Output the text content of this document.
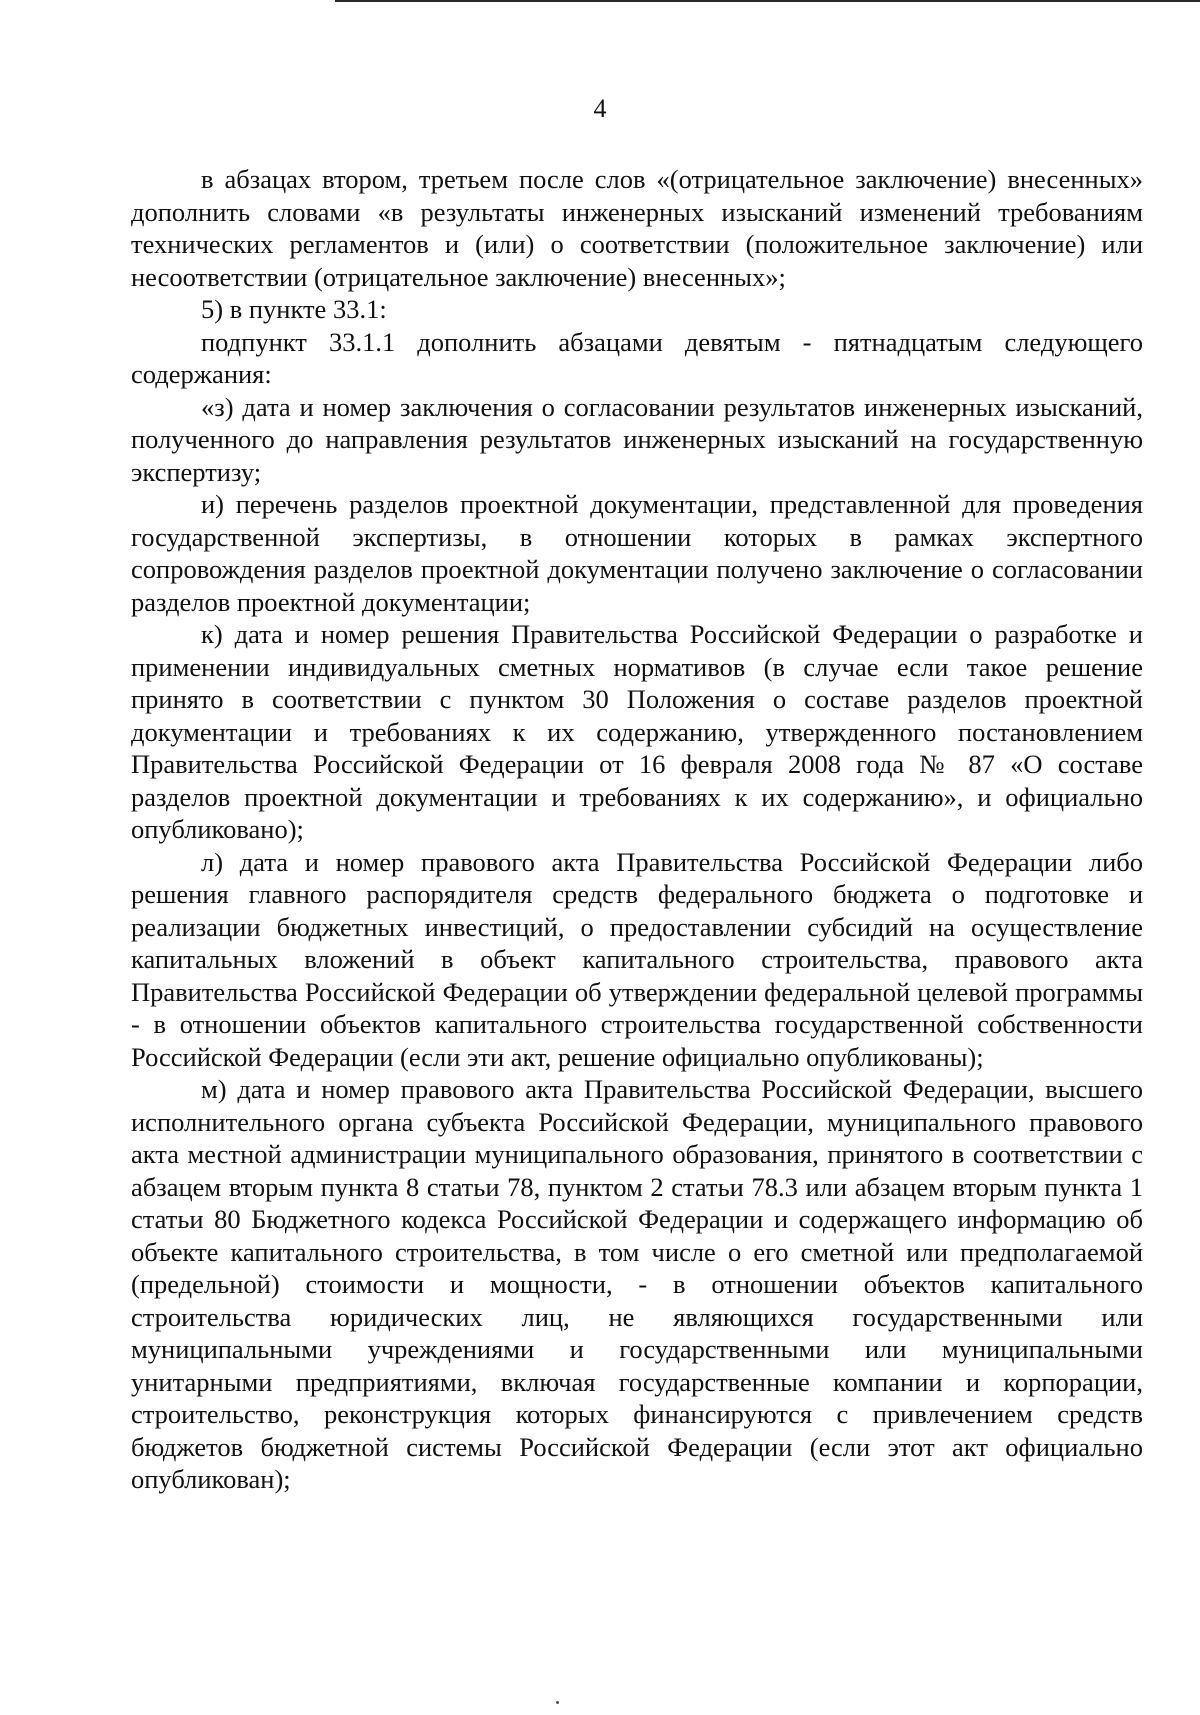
4

в абзацах втором, третьем после слов «(отрицательное заключение) внесенных» дополнить словами «в результаты инженерных изысканий изменений требованиям технических регламентов и (или) о соответствии (положительное заключение) или несоответствии (отрицательное заключение) внесенных»;

5) в пункте 33.1:

подпункт 33.1.1 дополнить абзацами девятым - пятнадцатым следующего содержания:

«з) дата и номер заключения о согласовании результатов инженерных изысканий, полученного до направления результатов инженерных изысканий на государственную экспертизу;

и) перечень разделов проектной документации, представленной для проведения государственной экспертизы, в отношении которых в рамках экспертного сопровождения разделов проектной документации получено заключение о согласовании разделов проектной документации;

к) дата и номер решения Правительства Российской Федерации о разработке и применении индивидуальных сметных нормативов (в случае если такое решение принято в соответствии с пунктом 30 Положения о составе разделов проектной документации и требованиях к их содержанию, утвержденного постановлением Правительства Российской Федерации от 16 февраля 2008 года № 87 «О составе разделов проектной документации и требованиях к их содержанию», и официально опубликовано);

л) дата и номер правового акта Правительства Российской Федерации либо решения главного распорядителя средств федерального бюджета о подготовке и реализации бюджетных инвестиций, о предоставлении субсидий на осуществление капитальных вложений в объект капитального строительства, правового акта Правительства Российской Федерации об утверждении федеральной целевой программы - в отношении объектов капитального строительства государственной собственности Российской Федерации (если эти акт, решение официально опубликованы);

м) дата и номер правового акта Правительства Российской Федерации, высшего исполнительного органа субъекта Российской Федерации, муниципального правового акта местной администрации муниципального образования, принятого в соответствии с абзацем вторым пункта 8 статьи 78, пунктом 2 статьи 78.3 или абзацем вторым пункта 1 статьи 80 Бюджетного кодекса Российской Федерации и содержащего информацию об объекте капитального строительства, в том числе о его сметной или предполагаемой (предельной) стоимости и мощности, - в отношении объектов капитального строительства юридических лиц, не являющихся государственными или муниципальными учреждениями и государственными или муниципальными унитарными предприятиями, включая государственные компании и корпорации, строительство, реконструкция которых финансируются с привлечением средств бюджетов бюджетной системы Российской Федерации (если этот акт официально опубликован);
